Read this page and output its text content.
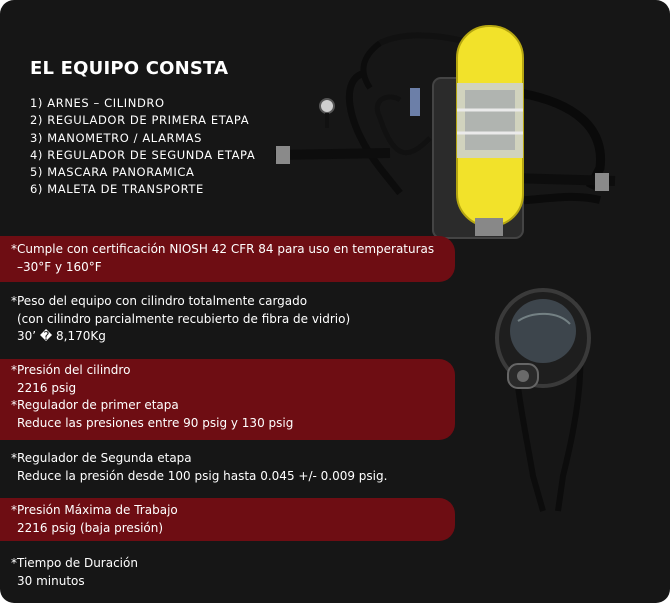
EL EQUIPO CONSTA
1) ARNES – CILINDRO
2) REGULADOR DE PRIMERA ETAPA
3) MANOMETRO / ALARMAS
4) REGULADOR DE SEGUNDA ETAPA
5) MASCARA PANORAMICA
6) MALETA DE TRANSPORTE
*Cumple con certificación NIOSH 42 CFR 84 para uso en temperaturas
–30°F y 160°F
*Peso del equipo con cilindro totalmente cargado
(con cilindro parcialmente recubierto de fibra de vidrio)
30’ � 8,170Kg
*Presión del cilindro
2216 psig
*Regulador de primer etapa
Reduce las presiones entre 90 psig y 130 psig
*Regulador de Segunda etapa
Reduce la presión desde 100 psig hasta 0.045 +/- 0.009 psig.
*Presión Máxima de Trabajo
2216 psig (baja presión)
*Tiempo de Duración
30 minutos
